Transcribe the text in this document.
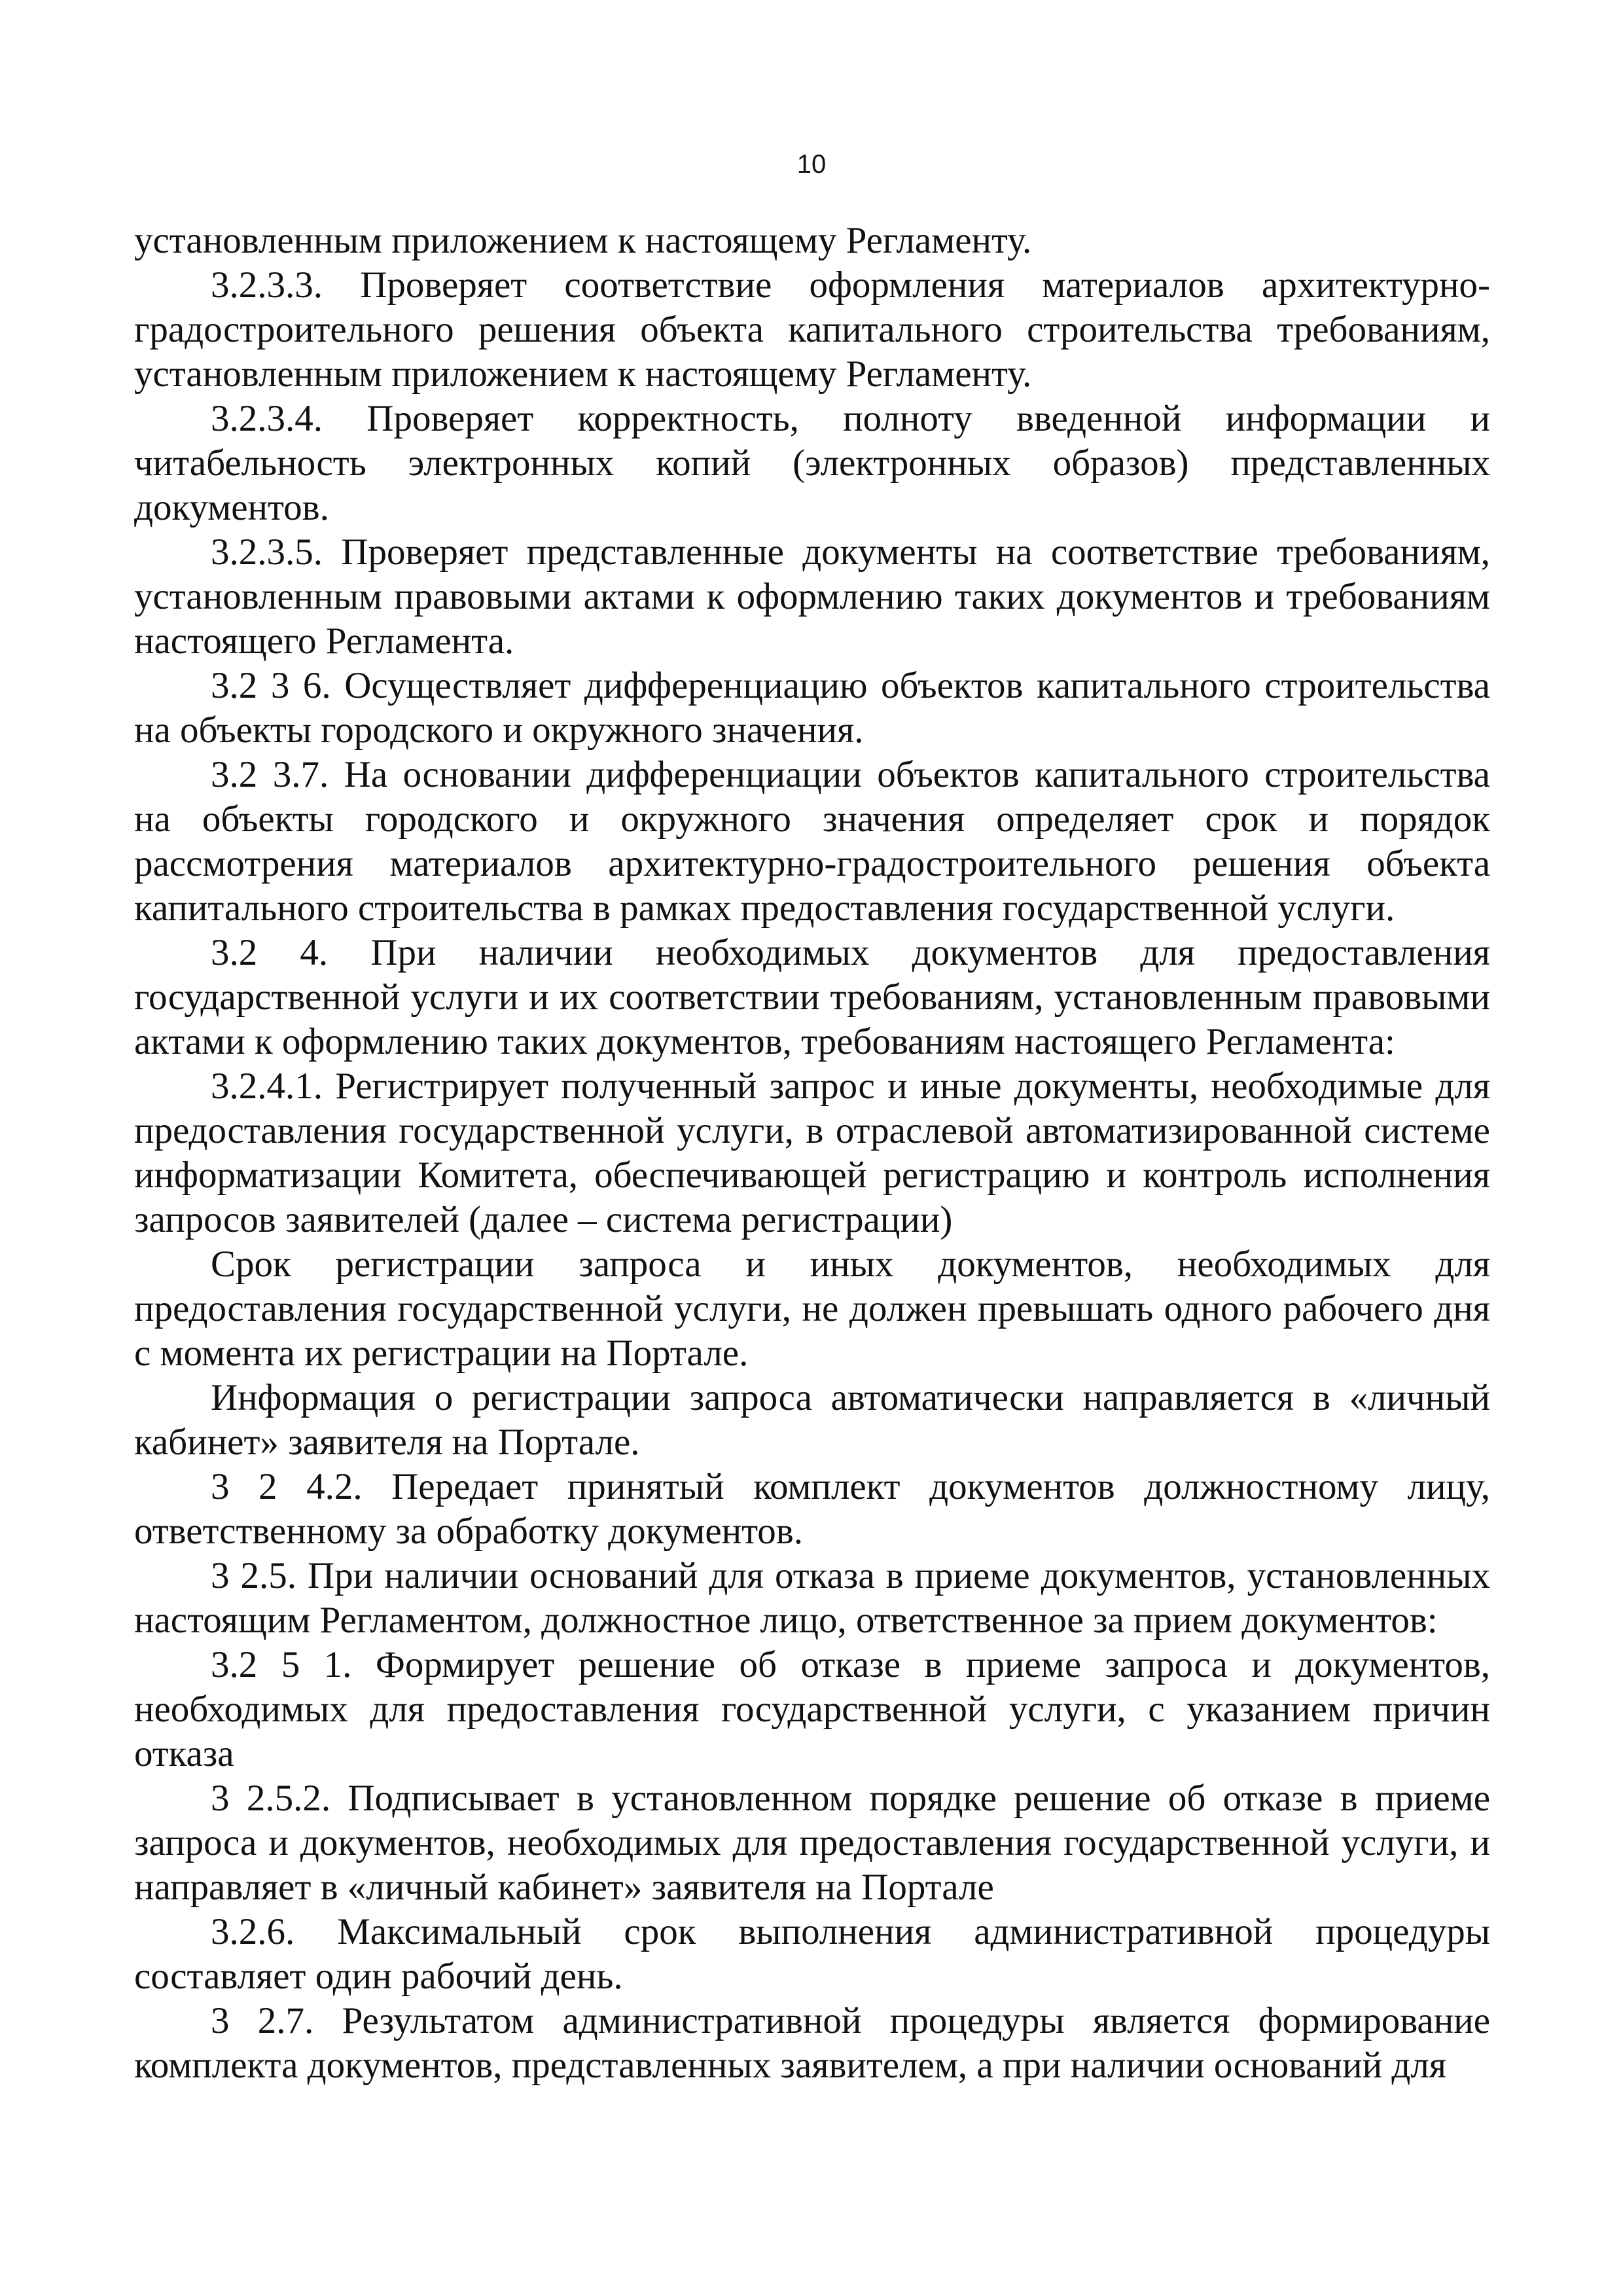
10

установленным приложением к настоящему Регламенту.

3.2.3.3. Проверяет соответствие оформления материалов архитектурно-градостроительного решения объекта капитального строительства требованиям, установленным приложением к настоящему Регламенту.

3.2.3.4. Проверяет корректность, полноту введенной информации и читабельность электронных копий (электронных образов) представленных документов.

3.2.3.5. Проверяет представленные документы на соответствие требованиям, установленным правовыми актами к оформлению таких документов и требованиям настоящего Регламента.

3.2 3 6. Осуществляет дифференциацию объектов капитального строительства на объекты городского и окружного значения.

3.2 3.7. На основании дифференциации объектов капитального строительства на объекты городского и окружного значения определяет срок и порядок рассмотрения материалов архитектурно-градостроительного решения объекта капитального строительства в рамках предоставления государственной услуги.

3.2 4. При наличии необходимых документов для предоставления государственной услуги и их соответствии требованиям, установленным правовыми актами к оформлению таких документов, требованиям настоящего Регламента:

3.2.4.1. Регистрирует полученный запрос и иные документы, необходимые для предоставления государственной услуги, в отраслевой автоматизированной системе информатизации Комитета, обеспечивающей регистрацию и контроль исполнения запросов заявителей (далее – система регистрации)

Срок регистрации запроса и иных документов, необходимых для предоставления государственной услуги, не должен превышать одного рабочего дня с момента их регистрации на Портале.

Информация о регистрации запроса автоматически направляется в «личный кабинет» заявителя на Портале.

3 2 4.2. Передает принятый комплект документов должностному лицу, ответственному за обработку документов.

3 2.5. При наличии оснований для отказа в приеме документов, установленных настоящим Регламентом, должностное лицо, ответственное за прием документов:

3.2 5 1. Формирует решение об отказе в приеме запроса и документов, необходимых для предоставления государственной услуги, с указанием причин отказа

3 2.5.2. Подписывает в установленном порядке решение об отказе в приеме запроса и документов, необходимых для предоставления государственной услуги, и направляет в «личный кабинет» заявителя на Портале

3.2.6. Максимальный срок выполнения административной процедуры составляет один рабочий день.

3 2.7. Результатом административной процедуры является формирование комплекта документов, представленных заявителем, а при наличии оснований для
